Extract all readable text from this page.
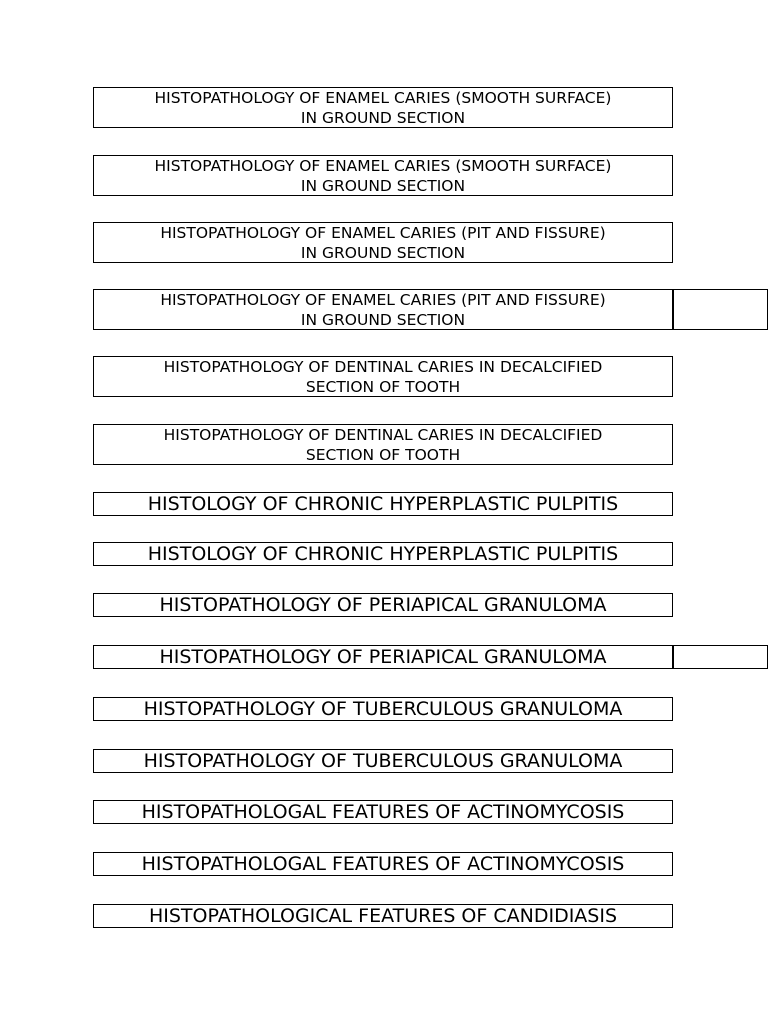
HISTOPATHOLOGY OF ENAMEL CARIES (SMOOTH SURFACE)
IN GROUND SECTION
HISTOPATHOLOGY OF ENAMEL CARIES (SMOOTH SURFACE)
IN GROUND SECTION
HISTOPATHOLOGY OF ENAMEL CARIES (PIT AND FISSURE)
IN GROUND SECTION
HISTOPATHOLOGY OF ENAMEL CARIES (PIT AND FISSURE)
IN GROUND SECTION
HISTOPATHOLOGY OF DENTINAL CARIES IN DECALCIFIED
SECTION OF TOOTH
HISTOPATHOLOGY OF DENTINAL CARIES IN DECALCIFIED
SECTION OF TOOTH
HISTOLOGY OF CHRONIC HYPERPLASTIC PULPITIS
HISTOLOGY OF CHRONIC HYPERPLASTIC PULPITIS
HISTOPATHOLOGY OF PERIAPICAL GRANULOMA
HISTOPATHOLOGY OF PERIAPICAL GRANULOMA
HISTOPATHOLOGY OF TUBERCULOUS GRANULOMA
HISTOPATHOLOGY OF TUBERCULOUS GRANULOMA
HISTOPATHOLOGAL FEATURES OF ACTINOMYCOSIS
HISTOPATHOLOGAL FEATURES OF ACTINOMYCOSIS
HISTOPATHOLOGICAL FEATURES OF CANDIDIASIS
